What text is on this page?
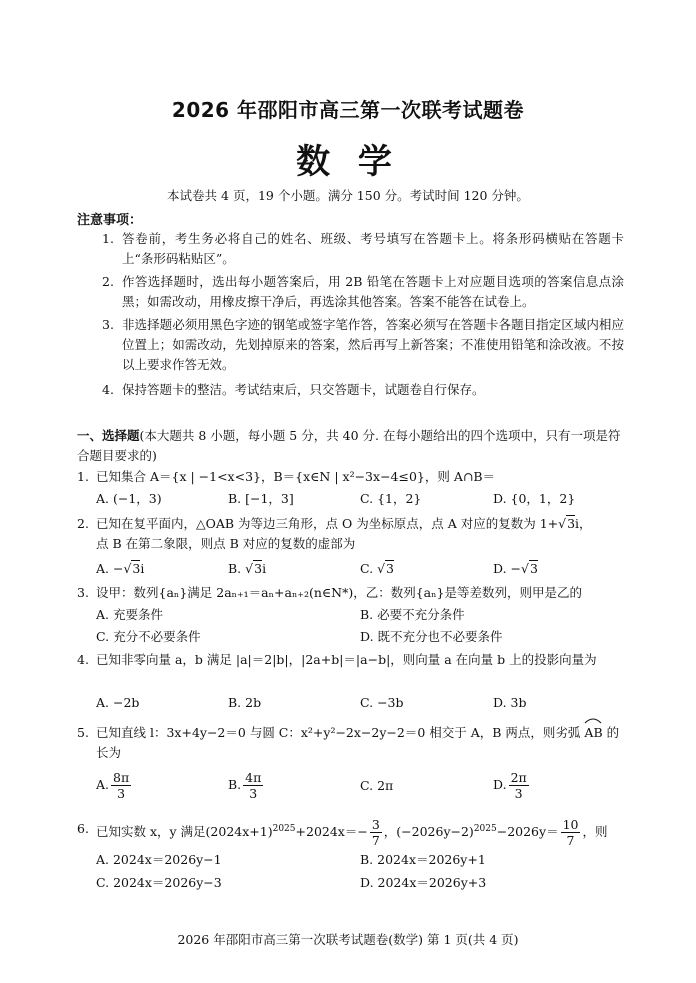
2026 年邵阳市高三第一次联考试题卷
数 学
本试卷共 4 页，19 个小题。满分 150 分。考试时间 120 分钟。
注意事项：
1. 答卷前，考生务必将自己的姓名、班级、考号填写在答题卡上。将条形码横贴在答题卡上“条形码粘贴区”。
2. 作答选择题时，选出每小题答案后，用 2B 铅笔在答题卡上对应题目选项的答案信息点涂黑；如需改动，用橡皮擦干净后，再选涂其他答案。答案不能答在试卷上。
3. 非选择题必须用黑色字迹的钢笔或签字笔作答，答案必须写在答题卡各题目指定区域内相应位置上；如需改动，先划掉原来的答案，然后再写上新答案；不准使用铅笔和涂改液。不按以上要求作答无效。
4. 保持答题卡的整洁。考试结束后，只交答题卡，试题卷自行保存。
一、选择题(本大题共 8 小题，每小题 5 分，共 40 分. 在每小题给出的四个选项中，只有一项是符合题目要求的)
1. 已知集合 A＝{x | −1<x<3}，B＝{x∈N | x²−3x−4≤0}，则 A∩B＝
A. (−1，3)	B. [−1，3]	C. {1，2}	D. {0，1，2}
2. 已知在复平面内，△OAB 为等边三角形，点 O 为坐标原点，点 A 对应的复数为 1+√3i，
点 B 在第二象限，则点 B 对应的复数的虚部为
A. −√3i	B. √3i	C. √3	D. −√3
3. 设甲：数列{aₙ}满足 2aₙ₊₁＝aₙ+aₙ₊₂(n∈N*)，乙：数列{aₙ}是等差数列，则甲是乙的
A. 充要条件	B. 必要不充分条件
C. 充分不必要条件	D. 既不充分也不必要条件
4. 已知非零向量 a，b 满足 |a|＝2|b|，|2a+b|＝|a−b|，则向量 a 在向量 b 上的投影向量为
A. −2b	B. 2b	C. −3b	D. 3b
5. 已知直线 l：3x+4y−2＝0 与圆 C：x²+y²−2x−2y−2＝0 相交于 A，B 两点，则劣弧 AB 的
长为
A. $\frac{8\pi}{3}$	B. $\frac{4\pi}{3}$	C. 2π	D. $\frac{2\pi}{3}$
6. 已知实数 x，y 满足$(2024x+1)^{2025}+2024x=- \frac{3}{7}$ ，$(-2026y-2)^{2025}-2026y= \frac{10}{7}$ ，则
A. 2024x＝2026y−1	B. 2024x＝2026y+1
C. 2024x＝2026y−3	D. 2024x＝2026y+3
2026 年邵阳市高三第一次联考试题卷(数学) 第 1 页(共 4 页)
